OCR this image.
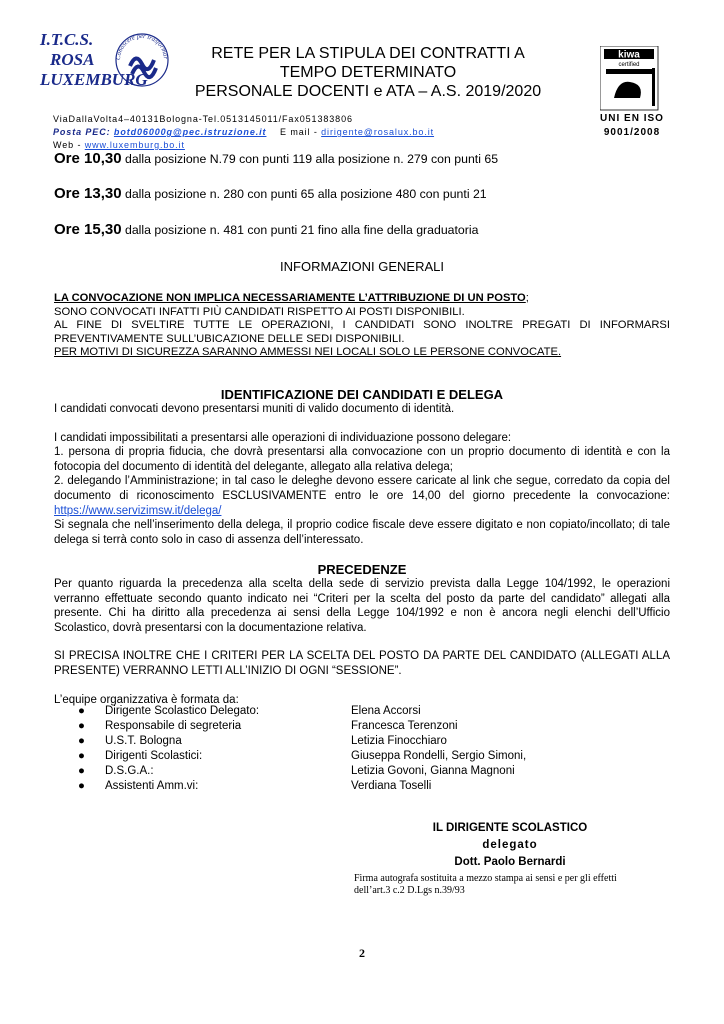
I.T.C.S.
ROSA
LUXEMBURG
Conoscere per trasformar	RETE PER LA STIPULA DEI CONTRATTI A
TEMPO DETERMINATO
PERSONALE DOCENTI e ATA – A.S. 2019/2020
kiwa
certified
UNI EN ISO
9001/2008
ViaDallaVolta4–40131Bologna-Tel.0513145011/Fax051383806
Posta PEC: botd06000g@pec.istruzione.it E mail - dirigente@rosalux.bo.it
Web - www.luxemburg.bo.it
Ore 10,30 dalla posizione N.79 con punti 119 alla posizione n. 279 con punti 65
Ore 13,30 dalla posizione n. 280 con punti 65 alla posizione 480 con punti 21
Ore 15,30 dalla posizione n. 481 con punti 21 fino alla fine della graduatoria
INFORMAZIONI GENERALI

LA CONVOCAZIONE NON IMPLICA NECESSARIAMENTE L’ATTRIBUZIONE DI UN POSTO;

SONO CONVOCATI INFATTI PIÙ CANDIDATI RISPETTO AI POSTI DISPONIBILI.

AL FINE DI SVELTIRE TUTTE LE OPERAZIONI, I CANDIDATI SONO INOLTRE PREGATI DI INFORMARSI PREVENTIVAMENTE SULL’UBICAZIONE DELLE SEDI DISPONIBILI.

PER MOTIVI DI SICUREZZA SARANNO AMMESSI NEI LOCALI SOLO LE PERSONE CONVOCATE.

IDENTIFICAZIONE DEI CANDIDATI E DELEGA

I candidati convocati devono presentarsi muniti di valido documento di identità.

I candidati impossibilitati a presentarsi alle operazioni di individuazione possono delegare:

1. persona di propria fiducia, che dovrà presentarsi alla convocazione con un proprio documento di identità e con la fotocopia del documento di identità del delegante, allegato alla relativa delega;

2. delegando l’Amministrazione; in tal caso le deleghe devono essere caricate al link che segue, corredato da copia del documento di riconoscimento ESCLUSIVAMENTE entro le ore 14,00 del giorno precedente la convocazione: https://www.servizimsw.it/delega/

Si segnala che nell’inserimento della delega, il proprio codice fiscale deve essere digitato e non copiato/incollato; di tale delega si terrà conto solo in caso di assenza dell’interessato.

PRECEDENZE

Per quanto riguarda la precedenza alla scelta della sede di servizio prevista dalla Legge 104/1992, le operazioni verranno effettuate secondo quanto indicato nei “Criteri per la scelta del posto da parte del candidato” allegati alla presente. Chi ha diritto alla precedenza ai sensi della Legge 104/1992 e non è ancora negli elenchi dell’Ufficio Scolastico, dovrà presentarsi con la documentazione relativa.

SI PRECISA INOLTRE CHE I CRITERI PER LA SCELTA DEL POSTO DA PARTE DEL CANDIDATO (ALLEGATI ALLA PRESENTE) VERRANNO LETTI ALL’INIZIO DI OGNI “SESSIONE”.

L’equipe organizzativa è formata da:

●	Dirigente Scolastico Delegato:	Elena Accorsi
●	Responsabile di segreteria	Francesca Terenzoni
●	U.S.T. Bologna	Letizia Finocchiaro
●	Dirigenti Scolastici:	Giuseppa Rondelli, Sergio Simoni,
●	D.S.G.A.:	Letizia Govoni, Gianna Magnoni
●	Assistenti Amm.vi:	Verdiana Toselli
IL DIRIGENTE SCOLASTICO
delegato
Dott. Paolo Bernardi
Firma autografa sostituita a mezzo stampa ai sensi e per gli effetti
dell’art.3 c.2 D.Lgs n.39/93
2
